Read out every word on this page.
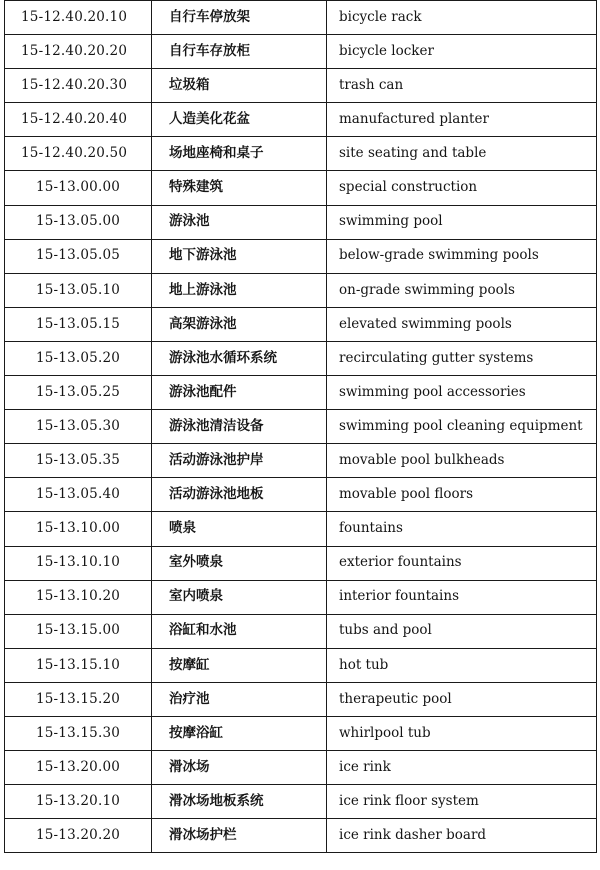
15-12.40.20.10	自行车停放架	bicycle rack
15-12.40.20.20	自行车存放柜	bicycle locker
15-12.40.20.30	垃圾箱	trash can
15-12.40.20.40	人造美化花盆	manufactured planter
15-12.40.20.50	场地座椅和桌子	site seating and table
15-13.00.00	特殊建筑	special construction
15-13.05.00	游泳池	swimming pool
15-13.05.05	地下游泳池	below-grade swimming pools
15-13.05.10	地上游泳池	on-grade swimming pools
15-13.05.15	高架游泳池	elevated swimming pools
15-13.05.20	游泳池水循环系统	recirculating gutter systems
15-13.05.25	游泳池配件	swimming pool accessories
15-13.05.30	游泳池清洁设备	swimming pool cleaning equipment
15-13.05.35	活动游泳池护岸	movable pool bulkheads
15-13.05.40	活动游泳池地板	movable pool floors
15-13.10.00	喷泉	fountains
15-13.10.10	室外喷泉	exterior fountains
15-13.10.20	室内喷泉	interior fountains
15-13.15.00	浴缸和水池	tubs and pool
15-13.15.10	按摩缸	hot tub
15-13.15.20	治疗池	therapeutic pool
15-13.15.30	按摩浴缸	whirlpool tub
15-13.20.00	滑冰场	ice rink
15-13.20.10	滑冰场地板系统	ice rink floor system
15-13.20.20	滑冰场护栏	ice rink dasher board
